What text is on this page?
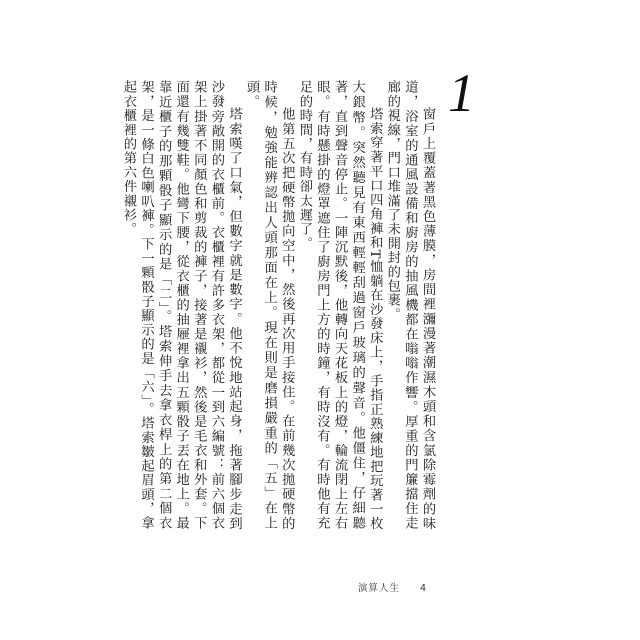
1

窗戶上覆蓋著黑色薄膜，房間裡瀰漫著潮濕木頭和含氯除霉劑的味道，浴室的通風設備和廚房的抽風機都在嗡嗡作響。厚重的門簾擋住走廊的視線，門口堆滿了未開封的包裹。

塔索穿著平口四角褲和T恤躺在沙發床上，手指正熟練地把玩著一枚大銀幣。突然聽見有東西輕輕刮過窗戶玻璃的聲音。他僵住，仔細聽著，直到聲音停止。一陣沉默後，他轉向天花板上的燈，輪流閉上左右眼。有時懸掛的燈罩遮住了廚房門上方的時鐘，有時沒有。有時他有充足的時間，有時卻太遲了。

他第五次把硬幣拋向空中，然後再次用手接住。在前幾次拋硬幣的時候，勉強能辨認出人頭那面在上。現在則是磨損嚴重的「五」在上頭。

塔索嘆了口氣，但數字就是數字。他不悅地站起身，拖著腳步走到沙發旁敞開的衣櫃前。衣櫃裡有許多衣架，都從一到六編號：前六個衣架上掛著不同顏色和剪裁的褲子，接著是襯衫，然後是毛衣和外套。下面還有幾雙鞋。他彎下腰，從衣櫃的抽屜裡拿出五顆骰子丟在地上。最靠近櫃子的那顆骰子顯示的是「二」。塔索伸手去拿衣桿上的第二個衣架，是一條白色喇叭褲。下一顆骰子顯示的是「六」。塔索皺起眉頭，拿起衣櫃裡的第六件襯衫。

演算人生 4
